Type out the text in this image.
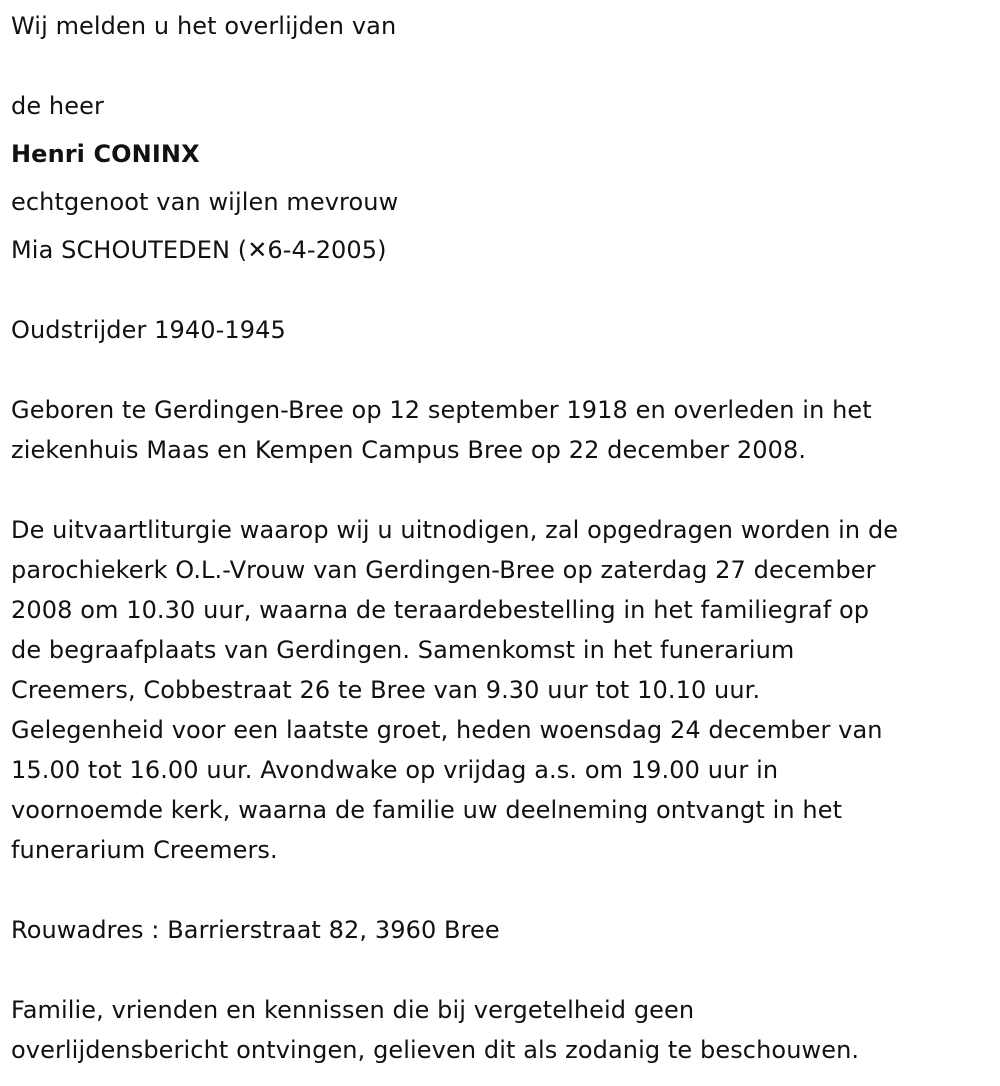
Wij melden u het overlijden van
de heer
Henri CONINX
echtgenoot van wijlen mevrouw
Mia SCHOUTEDEN (✕6-4-2005)
Oudstrijder 1940-1945
Geboren te Gerdingen-Bree op 12 september 1918 en overleden in het
ziekenhuis Maas en Kempen Campus Bree op 22 december 2008.
De uitvaartliturgie waarop wij u uitnodigen, zal opgedragen worden in de
parochiekerk O.L.-Vrouw van Gerdingen-Bree op zaterdag 27 december
2008 om 10.30 uur, waarna de teraardebestelling in het familiegraf op
de begraafplaats van Gerdingen. Samenkomst in het funerarium
Creemers, Cobbestraat 26 te Bree van 9.30 uur tot 10.10 uur.
Gelegenheid voor een laatste groet, heden woensdag 24 december van
15.00 tot 16.00 uur. Avondwake op vrijdag a.s. om 19.00 uur in
voornoemde kerk, waarna de familie uw deelneming ontvangt in het
funerarium Creemers.
Rouwadres : Barrierstraat 82, 3960 Bree
Familie, vrienden en kennissen die bij vergetelheid geen
overlijdensbericht ontvingen, gelieven dit als zodanig te beschouwen.
